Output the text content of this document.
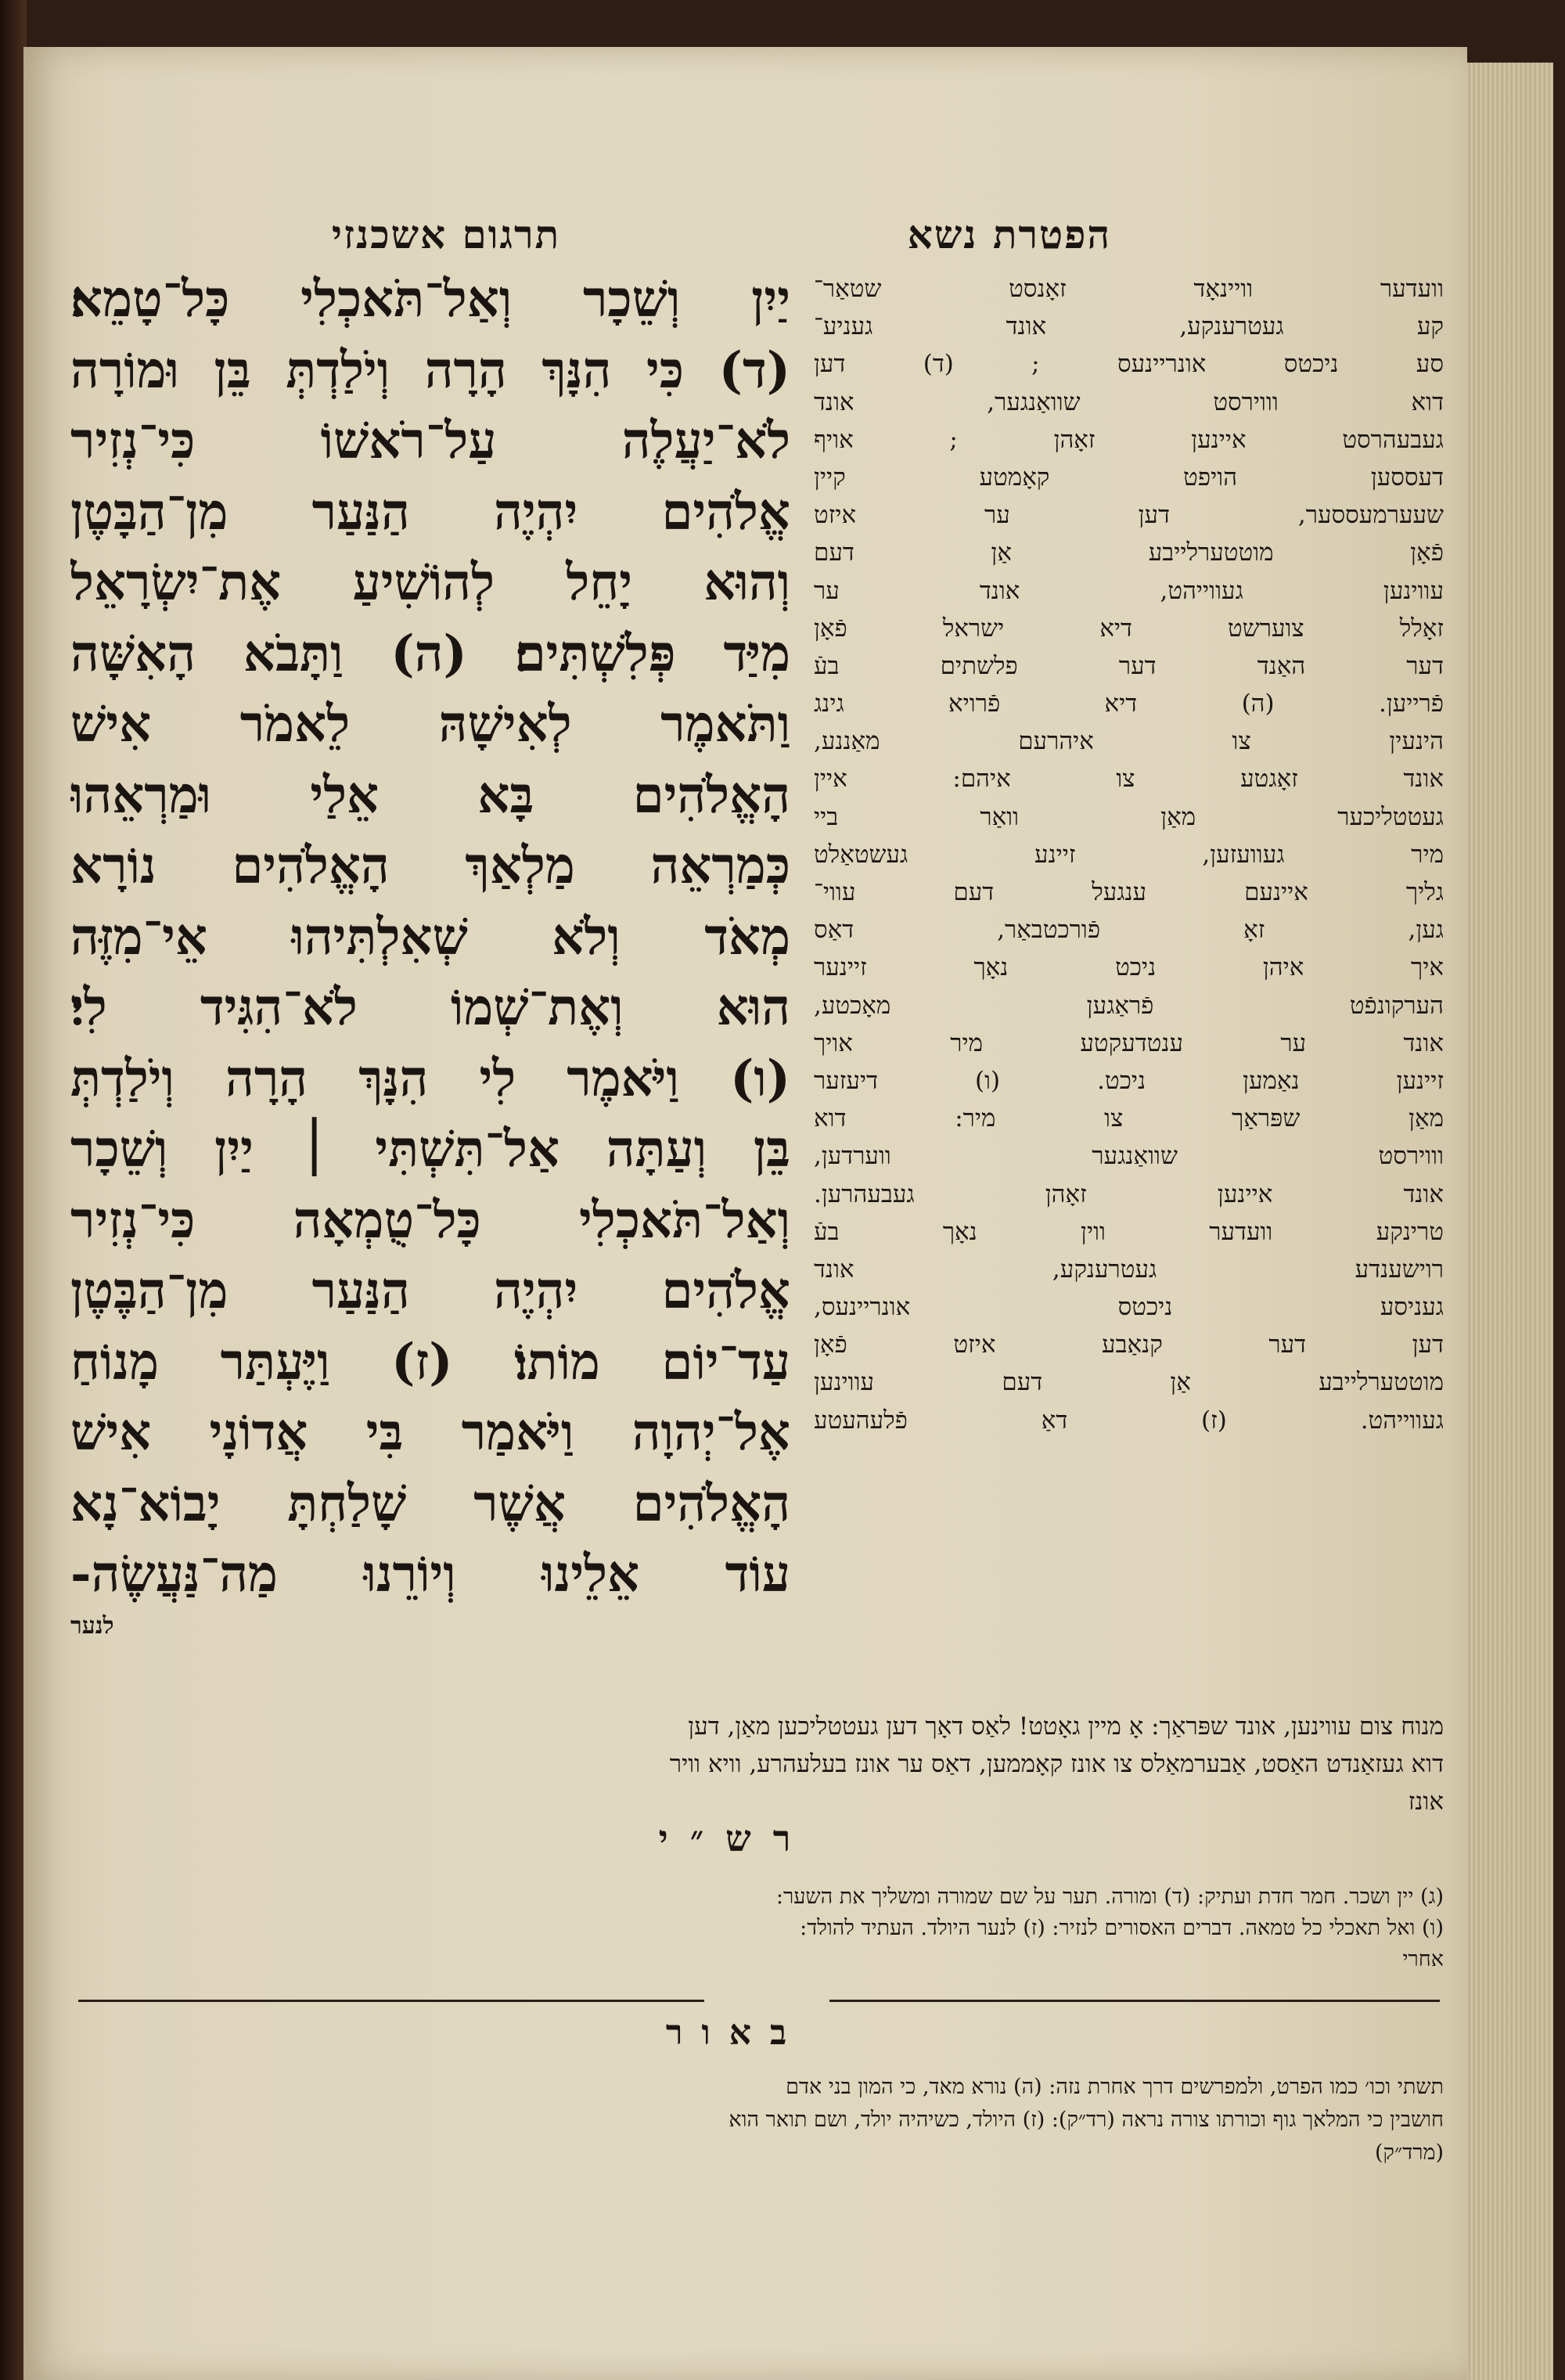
תרגום אשכנזי	הפטרת נשא
יַיִן וְשֵׁכָר וְאַל־תֹּאכְלִי כָּל־טָמֵא׃
(ד) כִּי הִנָּךְ הָרָה וְיֹלַדְתְּ בֵּן וּמוֹרָה
לֹא־יַעֲלֶה עַל־רֹאשׁוֹ כִּי־נְזִיר
אֱלֹהִים יִהְיֶה הַנַּעַר מִן־הַבָּטֶן
וְהוּא יָחֵל לְהוֹשִׁיעַ אֶת־יִשְׂרָאֵל
מִיַּד פְּלִשְׁתִּים׃ (ה) וַתָּבֹא הָאִשָּׁה
וַתֹּאמֶר לְאִישָׁהּ לֵאמֹר אִישׁ
הָאֱלֹהִים בָּא אֵלַי וּמַרְאֵהוּ
כְּמַרְאֵה מַלְאַךְ הָאֱלֹהִים נוֹרָא
מְאֹד וְלֹא שְׁאִלְתִּיהוּ אֵי־מִזֶּה
הוּא וְאֶת־שְׁמוֹ לֹא־הִגִּיד לִי׃
(ו) וַיֹּאמֶר לִי הִנָּךְ הָרָה וְיֹלַדְתְּ
בֵּן וְעַתָּה אַל־תִּשְׁתִּי ׀ יַיִן וְשֵׁכָר
וְאַל־תֹּאכְלִי כָּל־טֻמְאָה כִּי־נְזִיר
אֱלֹהִים יִהְיֶה הַנַּעַר מִן־הַבֶּטֶן
עַד־יוֹם מוֹתוֹ׃ (ז) וַיֶּעְתַּר מָנוֹחַ
אֶל־יְהוָה וַיֹּאמַר בִּי אֲדוֹנָי אִישׁ
הָאֱלֹהִים אֲשֶׁר שָׁלַחְתָּ יָבוֹא־נָא
עוֹד אֵלֵינוּ וְיוֹרֵנוּ מַה־נַּעֲשֶׂה-
לנער
וועדער וויינאָד זאָנסט שטאַר־
קע געטרענקע, אונד געניע־
סע ניכטס אונריינעס ; (ד) דען
דוא וווירסט שוואַנגער, אונד
געבעהרסט איינען זאָהן ; אויף
דעססען הויפט קאָמטע קיין
שעערמעססער, דען ער איזט
פֿאָן מוטטערלייבע אַן דעם
עווינען געווייהט, אונד ער
זאָלל צוערשט דיא ישראל פֿאָן
דער האַנד דער פלשתים בעֿ
פֿרייען. (ה) דיא פֿרויא גינג
הינעין צו איהרעם מאַננע,
אונד זאָגטע צו איהם: איין
געטטליכער מאַן וואַר ביי
מיר געוועזען, זיינע געשטאַלט
גליך איינעם ענגעל דעם עווי־
גען, זאָ פֿורכטבאַר, דאַס
איך איהן ניכט נאָך זיינער
הערקונפֿט פֿראַגען מאָכטע,
אונד ער ענטדעקטע מיר אויך
זיינען נאַמען ניכט. (ו) דיעזער
מאַן שפּראַך צו מיר: דוא
וווירסט שוואַנגער ווערדען,
אונד איינען זאָהן געבעהרען.
טרינקע וועדער ווין נאָך בעֿ
רוישענדע געטרענקע, אונד
געניסע ניכטס אונריינעס,
דען דער קנאַבע איזט פֿאָן
מוטטערלייבע אַן דעם עווינען
געווייהט. (ז) דאַ פֿלעהעטע
מנוח צום עווינען, אונד שפּראַך: אָ מיין גאָטט! לאַס דאָך דען געטטליכען מאַן, דען
דוא געזאַנדט האַסט, אַבערמאַלס צו אונז קאָממען, דאַס ער אונז בעלעהרע, וויא וויר
אונז
רש״י
(ג) יין ושכר. חמר חדת ועתיק: (ד) ומורה. תער על שם שמורה ומשליך את השער:
(ו) ואל תאכלי כל טמאה. דברים האסורים לנזיר: (ז) לנער היולד. העתיד להולד:
אחרי
באור
תשתי וכו׳ כמו הפרט, ולמפרשים דרך אחרת נזה: (ה) נורא מאד, כי המון בני אדם
חושבין כי המלאך גוף וכורתו צורה נראה (רד״ק): (ז) היולד, כשיהיה יולד, ושם תואר הוא
(מרד״ק)
